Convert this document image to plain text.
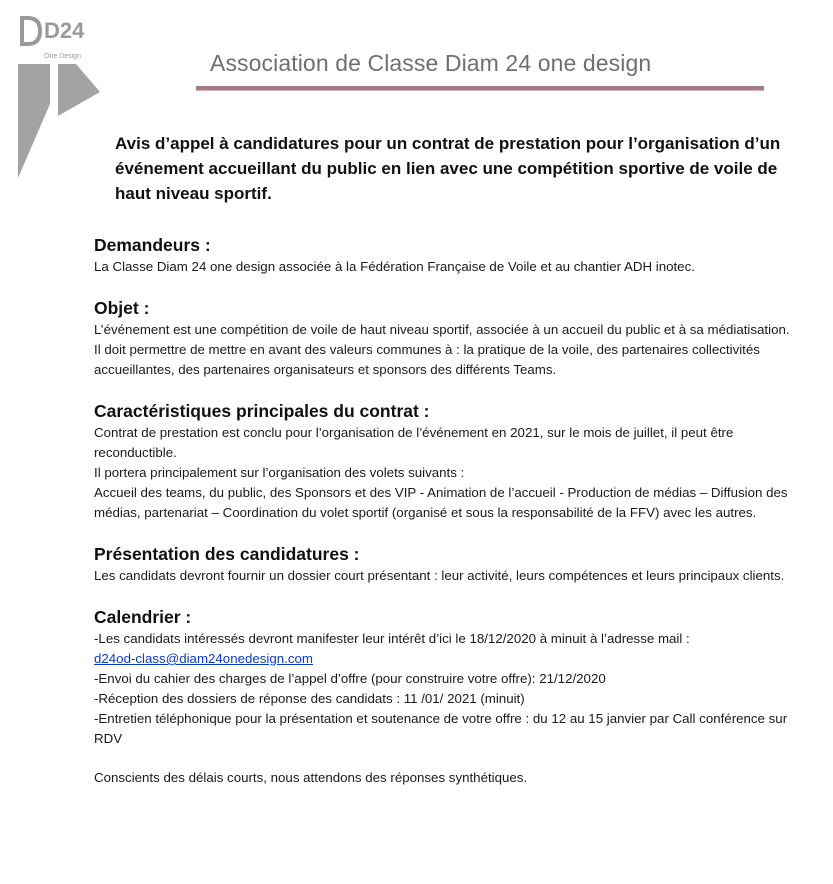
D24
One Design	Association de Classe Diam 24 one design
Avis d’appel à candidatures pour un contrat de prestation pour l’organisation d’un événement accueillant du public en lien avec une compétition sportive de voile de haut niveau sportif.
Demandeurs :

La Classe Diam 24 one design associée à la Fédération Française de Voile et au chantier ADH inotec.

Objet :

L’événement est une compétition de voile de haut niveau sportif, associée à un accueil du public et à sa médiatisation.

Il doit permettre de mettre en avant des valeurs communes à : la pratique de la voile, des partenaires collectivités accueillantes, des partenaires organisateurs et sponsors des différents Teams.

Caractéristiques principales du contrat :

Contrat de prestation est conclu pour l’organisation de l’événement en 2021, sur le mois de juillet, il peut être reconductible.

Il portera principalement sur l’organisation des volets suivants :

Accueil des teams, du public, des Sponsors et des VIP - Animation de l’accueil - Production de médias – Diffusion des médias, partenariat – Coordination du volet sportif (organisé et sous la responsabilité de la FFV) avec les autres.

Présentation des candidatures :

Les candidats devront fournir un dossier court présentant : leur activité, leurs compétences et leurs principaux clients.

Calendrier :
-Les candidats intéressés devront manifester leur intérêt d’ici le 18/12/2020 à minuit à l’adresse mail :
d24od-class@diam24onedesign.com
-Envoi du cahier des charges de l’appel d’offre (pour construire votre offre): 21/12/2020
-Réception des dossiers de réponse des candidats : 11 /01/ 2021 (minuit)
-Entretien téléphonique pour la présentation et soutenance de votre offre : du 12 au 15 janvier par Call conférence sur RDV

Conscients des délais courts, nous attendons des réponses synthétiques.
